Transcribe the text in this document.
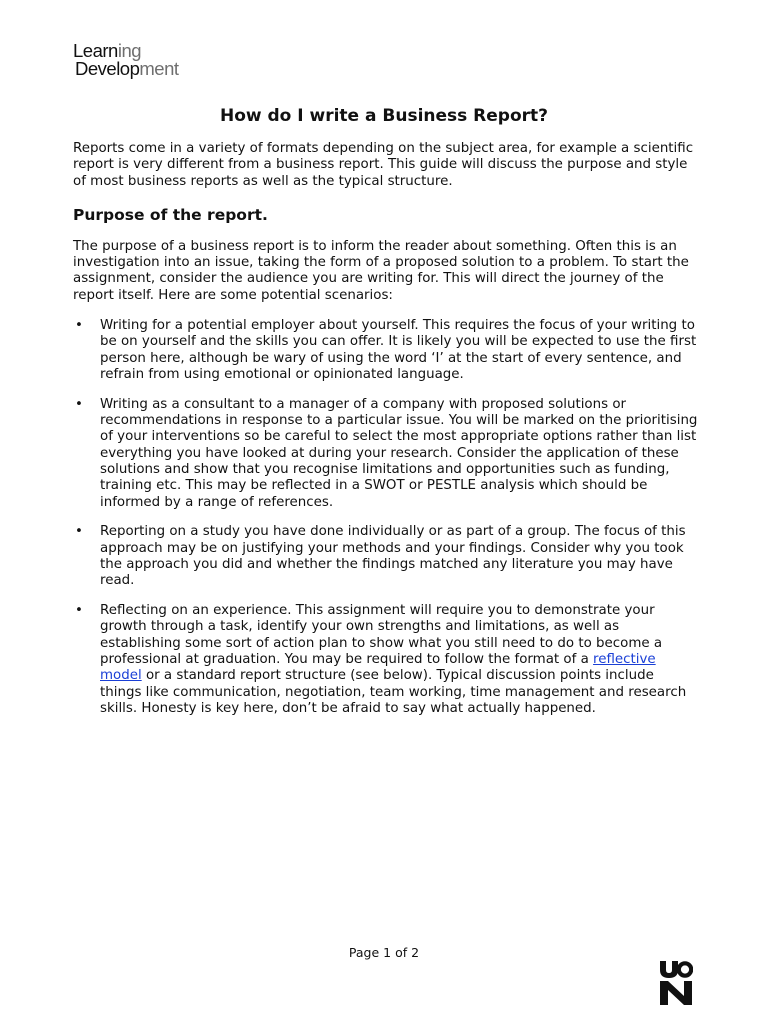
Learning
Development
How do I write a Business Report?

Reports come in a variety of formats depending on the subject area, for example a scientific report is very different from a business report. This guide will discuss the purpose and style of most business reports as well as the typical structure.

Purpose of the report.

The purpose of a business report is to inform the reader about something. Often this is an investigation into an issue, taking the form of a proposed solution to a problem. To start the assignment, consider the audience you are writing for. This will direct the journey of the report itself. Here are some potential scenarios:

• Writing for a potential employer about yourself. This requires the focus of your writing to be on yourself and the skills you can offer. It is likely you will be expected to use the first person here, although be wary of using the word ‘I’ at the start of every sentence, and refrain from using emotional or opinionated language.
• Writing as a consultant to a manager of a company with proposed solutions or recommendations in response to a particular issue. You will be marked on the prioritising of your interventions so be careful to select the most appropriate options rather than list everything you have looked at during your research. Consider the application of these solutions and show that you recognise limitations and opportunities such as funding, training etc. This may be reflected in a SWOT or PESTLE analysis which should be informed by a range of references.
• Reporting on a study you have done individually or as part of a group. The focus of this approach may be on justifying your methods and your findings. Consider why you took the approach you did and whether the findings matched any literature you may have read.
• Reflecting on an experience. This assignment will require you to demonstrate your growth through a task, identify your own strengths and limitations, as well as establishing some sort of action plan to show what you still need to do to become a professional at graduation. You may be required to follow the format of a reflective model or a standard report structure (see below). Typical discussion points include things like communication, negotiation, team working, time management and research skills. Honesty is key here, don’t be afraid to say what actually happened.
Page 1 of 2
